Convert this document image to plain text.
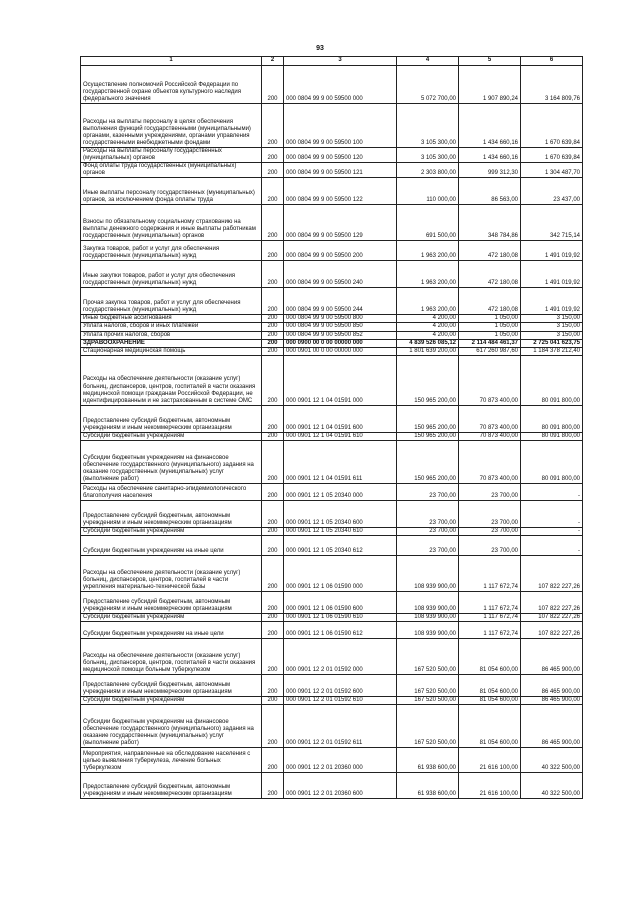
93
1	2	3	4	5	6
Осуществление полномочий Российской Федерации по государственной охране объектов культурного наследия федерального значения	200	000 0804 99 9 00 59500 000	5 072 700,00	1 907 890,24	3 164 809,76
Расходы на выплаты персоналу в целях обеспечения выполнения функций государственными (муниципальными) органами, казенными учреждениями, органами управления государственными внебюджетными фондами	200	000 0804 99 9 00 59500 100	3 105 300,00	1 434 660,16	1 670 639,84
Расходы на выплаты персоналу государственных (муниципальных) органов	200	000 0804 99 9 00 59500 120	3 105 300,00	1 434 660,16	1 670 639,84
Фонд оплаты труда государственных (муниципальных) органов	200	000 0804 99 9 00 59500 121	2 303 800,00	999 312,30	1 304 487,70
Иные выплаты персоналу государственных (муниципальных) органов, за исключением фонда оплаты труда	200	000 0804 99 9 00 59500 122	110 000,00	86 563,00	23 437,00
Взносы по обязательному социальному страхованию на выплаты денежного содержания и иные выплаты работникам государственных (муниципальных) органов	200	000 0804 99 9 00 59500 129	691 500,00	348 784,86	342 715,14
Закупка товаров, работ и услуг для обеспечения государственных (муниципальных) нужд	200	000 0804 99 9 00 59500 200	1 963 200,00	472 180,08	1 491 019,92
Иные закупки товаров, работ и услуг для обеспечения государственных (муниципальных) нужд	200	000 0804 99 9 00 59500 240	1 963 200,00	472 180,08	1 491 019,92
Прочая закупка товаров, работ и услуг для обеспечения государственных (муниципальных) нужд	200	000 0804 99 9 00 59500 244	1 963 200,00	472 180,08	1 491 019,92
Иные бюджетные ассигнования	200	000 0804 99 9 00 59500 800	4 200,00	1 050,00	3 150,00
Уплата налогов, сборов и иных платежей	200	000 0804 99 9 00 59500 850	4 200,00	1 050,00	3 150,00
Уплата прочих налогов, сборов	200	000 0804 99 9 00 59500 852	4 200,00	1 050,00	3 150,00
ЗДРАВООХРАНЕНИЕ	200	000 0900 00 0 00 00000 000	4 839 526 085,12	2 114 484 461,37	2 725 041 623,75
Стационарная медицинская помощь	200	000 0901 00 0 00 00000 000	1 801 639 200,00	617 260 987,60	1 184 378 212,40
Расходы на обеспечение деятельности (оказание услуг) больниц, диспансеров, центров, госпиталей в части оказания медицинской помощи гражданам Российской Федерации, не идентифицированным и не застрахованным в системе ОМС	200	000 0901 12 1 04 01591 000	150 965 200,00	70 873 400,00	80 091 800,00
Предоставление субсидий бюджетным, автономным учреждениям и иным некоммерческим организациям	200	000 0901 12 1 04 01591 600	150 965 200,00	70 873 400,00	80 091 800,00
Субсидии бюджетным учреждениям	200	000 0901 12 1 04 01591 610	150 965 200,00	70 873 400,00	80 091 800,00
Субсидии бюджетным учреждениям на финансовое обеспечение государственного (муниципального) задания на оказание государственных (муниципальных) услуг (выполнение работ)	200	000 0901 12 1 04 01591 611	150 965 200,00	70 873 400,00	80 091 800,00
Расходы на обеспечение санитарно-эпидемиологического благополучия населения	200	000 0901 12 1 05 20340 000	23 700,00	23 700,00	-
Предоставление субсидий бюджетным, автономным учреждениям и иным некоммерческим организациям	200	000 0901 12 1 05 20340 600	23 700,00	23 700,00	-
Субсидии бюджетным учреждениям	200	000 0901 12 1 05 20340 610	23 700,00	23 700,00	-
Субсидии бюджетным учреждениям на иные цели	200	000 0901 12 1 05 20340 612	23 700,00	23 700,00	-
Расходы на обеспечение деятельности (оказание услуг) больниц, диспансеров, центров, госпиталей в части укрепления материально-технической базы	200	000 0901 12 1 06 01590 000	108 939 900,00	1 117 672,74	107 822 227,26
Предоставление субсидий бюджетным, автономным учреждениям и иным некоммерческим организациям	200	000 0901 12 1 06 01590 600	108 939 900,00	1 117 672,74	107 822 227,26
Субсидии бюджетным учреждениям	200	000 0901 12 1 06 01590 610	108 939 900,00	1 117 672,74	107 822 227,26
Субсидии бюджетным учреждениям на иные цели	200	000 0901 12 1 06 01590 612	108 939 900,00	1 117 672,74	107 822 227,26
Расходы на обеспечение деятельности (оказание услуг) больниц, диспансеров, центров, госпиталей в части оказания медицинской помощи больным туберкулезом	200	000 0901 12 2 01 01592 000	167 520 500,00	81 054 600,00	86 465 900,00
Предоставление субсидий бюджетным, автономным учреждениям и иным некоммерческим организациям	200	000 0901 12 2 01 01592 600	167 520 500,00	81 054 600,00	86 465 900,00
Субсидии бюджетным учреждениям	200	000 0901 12 2 01 01592 610	167 520 500,00	81 054 600,00	86 465 900,00
Субсидии бюджетным учреждениям на финансовое обеспечение государственного (муниципального) задания на оказание государственных (муниципальных) услуг (выполнение работ)	200	000 0901 12 2 01 01592 611	167 520 500,00	81 054 600,00	86 465 900,00
Мероприятия, направленные на обследование населения с целью выявления туберкулеза, лечение больных туберкулезом	200	000 0901 12 2 01 20360 000	61 938 600,00	21 616 100,00	40 322 500,00
Предоставление субсидий бюджетным, автономным учреждениям и иным некоммерческим организациям	200	000 0901 12 2 01 20360 600	61 938 600,00	21 616 100,00	40 322 500,00
